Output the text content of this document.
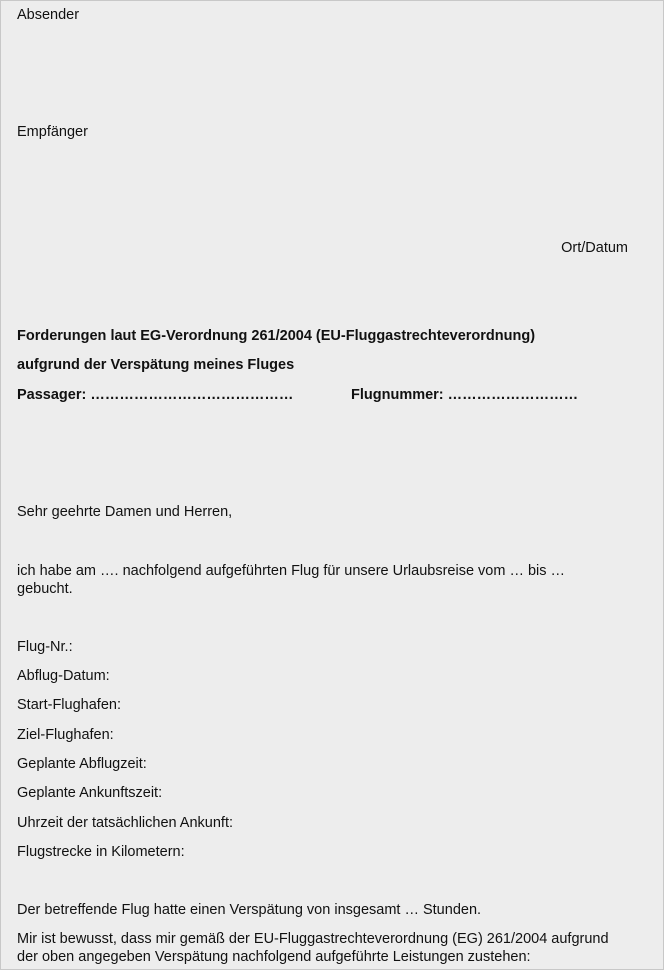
Absender
Empfänger
Ort/Datum
Forderungen laut EG-Verordnung 261/2004 (EU-Fluggastrechteverordnung)
aufgrund der Verspätung meines Fluges
Passager: ……………………………………	Flugnummer: ………………………
Sehr geehrte Damen und Herren,
ich habe am …. nachfolgend aufgeführten Flug für unsere Urlaubsreise vom … bis …
gebucht.
Flug-Nr.:
Abflug-Datum:
Start-Flughafen:
Ziel-Flughafen:
Geplante Abflugzeit:
Geplante Ankunftszeit:
Uhrzeit der tatsächlichen Ankunft:
Flugstrecke in Kilometern:
Der betreffende Flug hatte einen Verspätung von insgesamt … Stunden.
Mir ist bewusst, dass mir gemäß der EU-Fluggastrechteverordnung (EG) 261/2004 aufgrund
der oben angegeben Verspätung nachfolgend aufgeführte Leistungen zustehen:
